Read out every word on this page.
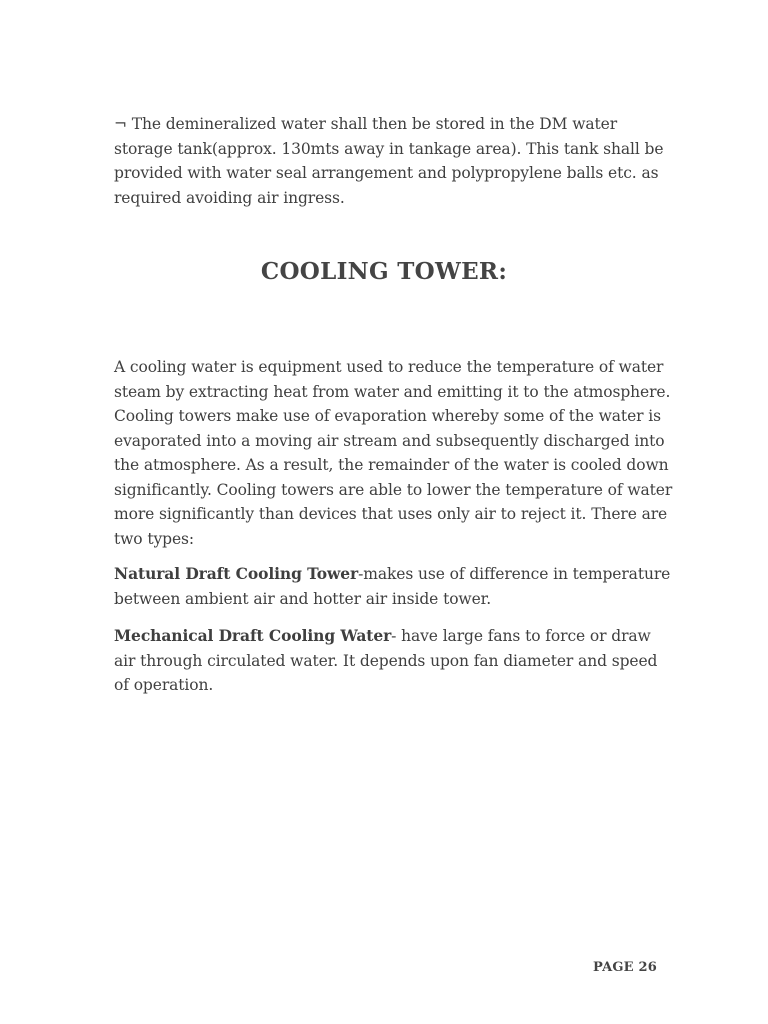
¬ The demineralized water shall then be stored in the DM water storage tank(approx. 130mts away in tankage area). This tank shall be provided with water seal arrangement and polypropylene balls etc. as required avoiding air ingress.

COOLING TOWER:

A cooling water is equipment used to reduce the temperature of water steam by extracting heat from water and emitting it to the atmosphere. Cooling towers make use of evaporation whereby some of the water is evaporated into a moving air stream and subsequently discharged into the atmosphere. As a result, the remainder of the water is cooled down significantly. Cooling towers are able to lower the temperature of water more significantly than devices that uses only air to reject it. There are two types:

Natural Draft Cooling Tower-makes use of difference in temperature between ambient air and hotter air inside tower.

Mechanical Draft Cooling Water- have large fans to force or draw air through circulated water. It depends upon fan diameter and speed of operation.

PAGE 26
